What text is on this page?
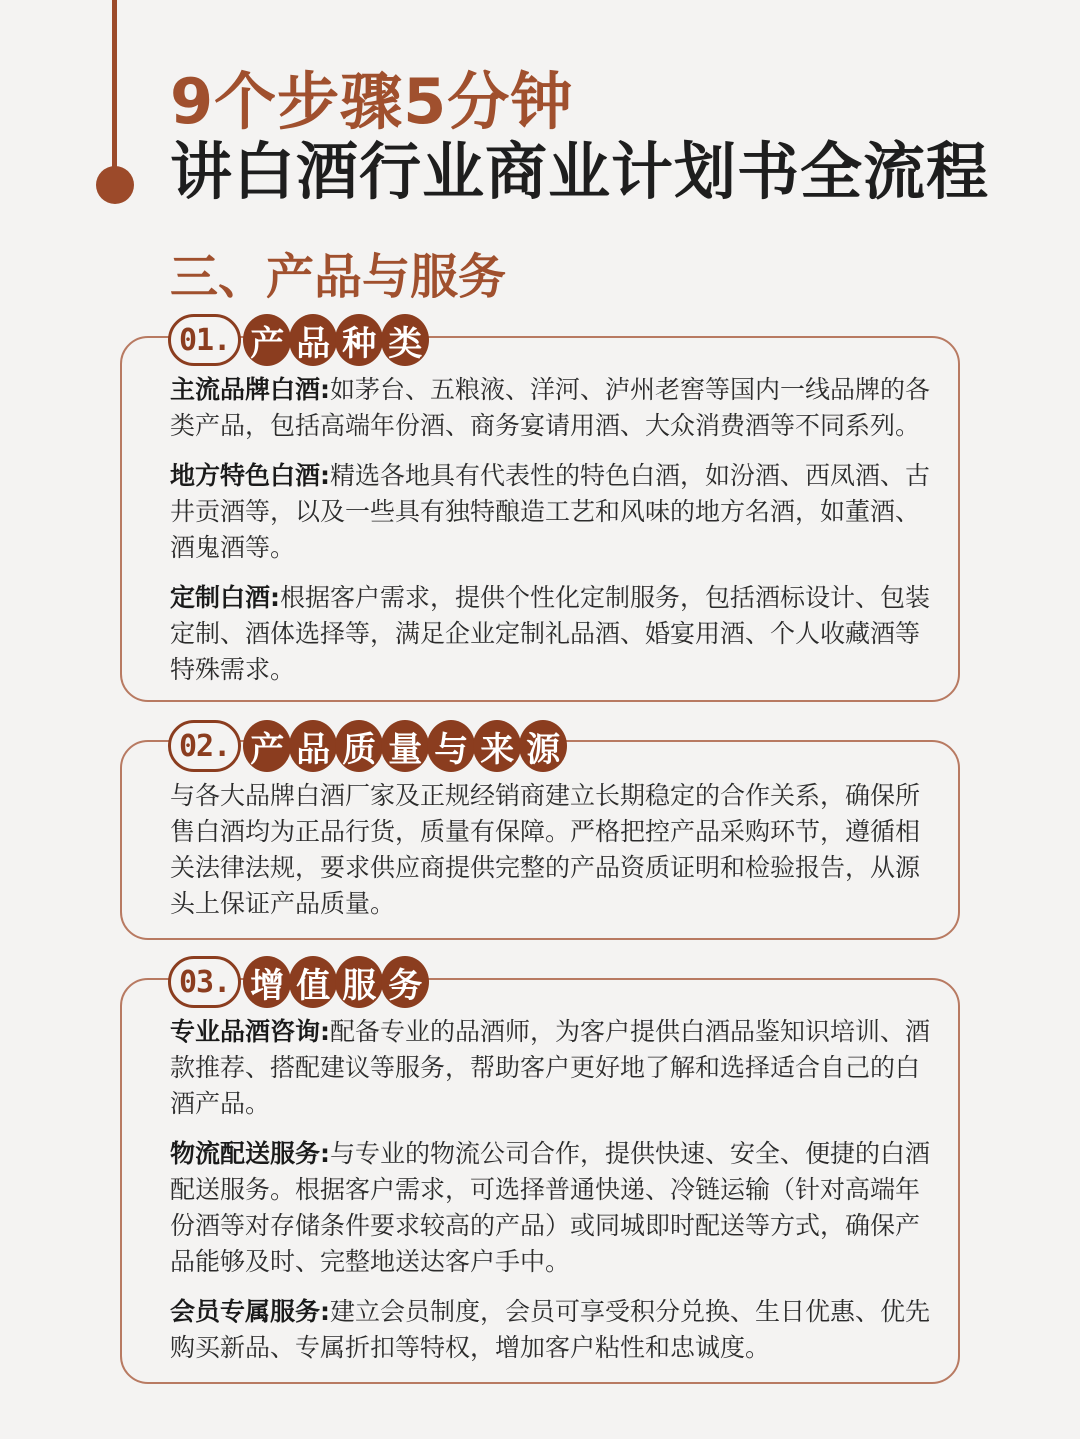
9个步骤5分钟
讲白酒行业商业计划书全流程
三、产品与服务
01. 产 品 种 类
主流品牌白酒:如茅台、五粮液、洋河、泸州老窖等国内一线品牌的各类产品，包括高端年份酒、商务宴请用酒、大众消费酒等不同系列。
地方特色白酒:精选各地具有代表性的特色白酒，如汾酒、西凤酒、古井贡酒等，以及一些具有独特酿造工艺和风味的地方名酒，如董酒、酒鬼酒等。
定制白酒:根据客户需求，提供个性化定制服务，包括酒标设计、包装定制、酒体选择等，满足企业定制礼品酒、婚宴用酒、个人收藏酒等特殊需求。
02. 产 品 质 量 与 来 源
与各大品牌白酒厂家及正规经销商建立长期稳定的合作关系，确保所售白酒均为正品行货，质量有保障。严格把控产品采购环节，遵循相关法律法规，要求供应商提供完整的产品资质证明和检验报告，从源头上保证产品质量。
03. 增 值 服 务
专业品酒咨询:配备专业的品酒师，为客户提供白酒品鉴知识培训、酒款推荐、搭配建议等服务，帮助客户更好地了解和选择适合自己的白酒产品。
物流配送服务:与专业的物流公司合作，提供快速、安全、便捷的白酒配送服务。根据客户需求，可选择普通快递、冷链运输（针对高端年份酒等对存储条件要求较高的产品）或同城即时配送等方式，确保产品能够及时、完整地送达客户手中。
会员专属服务:建立会员制度，会员可享受积分兑换、生日优惠、优先购买新品、专属折扣等特权，增加客户粘性和忠诚度。
